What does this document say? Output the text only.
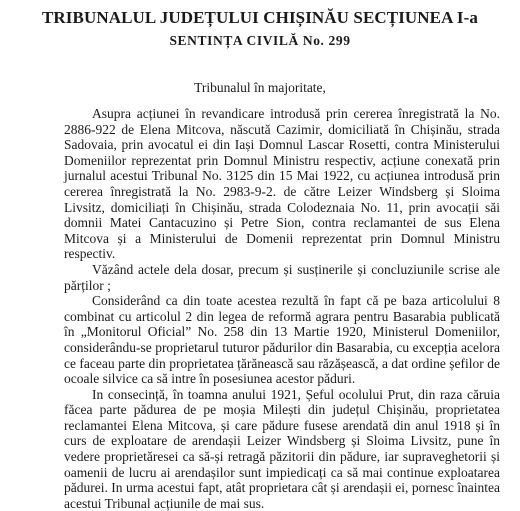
TRIBUNALUL JUDEȚULUI CHIȘINĂU SECȚIUNEA I-a
SENTINȚA CIVILĂ No. 299
Tribunalul în majoritate,

Asupra acțiunei în revandicare introdusă prin cererea înregistrată la No. 2886-922 de Elena Mitcova, născută Cazimir, domiciliată în Chișinău, strada Sadovaia, prin avocatul ei din Iași Domnul Lascar Rosetti, contra Ministerului Domeniilor reprezentat prin Domnul Ministru respectiv, acțiune conexată prin jurnalul acestui Tribunal No. 3125 din 15 Mai 1922, cu acțiunea introdusă prin cererea înregistrată la No. 2983-9-2. de către Leizer Windsberg și Sloima Livsitz, domiciliați în Chișinău, strada Colodeznaia No. 11, prin avocații săi domnii Matei Cantacuzino și Petre Sion, contra reclamantei de sus Elena Mitcova și a Ministerului de Domenii reprezentat prin Domnul Ministru respectiv.

Văzând actele dela dosar, precum și susținerile și concluziunile scrise ale părților ;

Considerând ca din toate acestea rezultă în fapt că pe baza articolului 8 combinat cu articolul 2 din legea de reformă agrara pentru Basarabia publicată în „Monitorul Oficial” No. 258 din 13 Martie 1920, Ministerul Domeniilor, considerându-se proprietarul tuturor pădurilor din Basarabia, cu excepția acelora ce faceau parte din proprietatea țărănească sau răzășească, a dat ordine șefilor de ocoale silvice ca să intre în posesiunea acestor păduri.

In consecință, în toamna anului 1921, Șeful ocolului Prut, din raza căruia făcea parte pădurea de pe moșia Milești din județul Chișinău, proprietatea reclamantei Elena Mitcova, și care pădure fusese arendată din anul 1918 și în curs de exploatare de arendașii Leizer Windsberg și Sloima Livsitz, pune în vedere proprietăresei ca să-și retragă păzitorii din pădure, iar supraveghetorii și oamenii de lucru ai arendașilor sunt impiedicați ca să mai continue exploatarea pădurei. In urma acestui fapt, atât proprietara cât și arendașii ei, pornesc înaintea acestui Tribunal acțiunile de mai sus.
